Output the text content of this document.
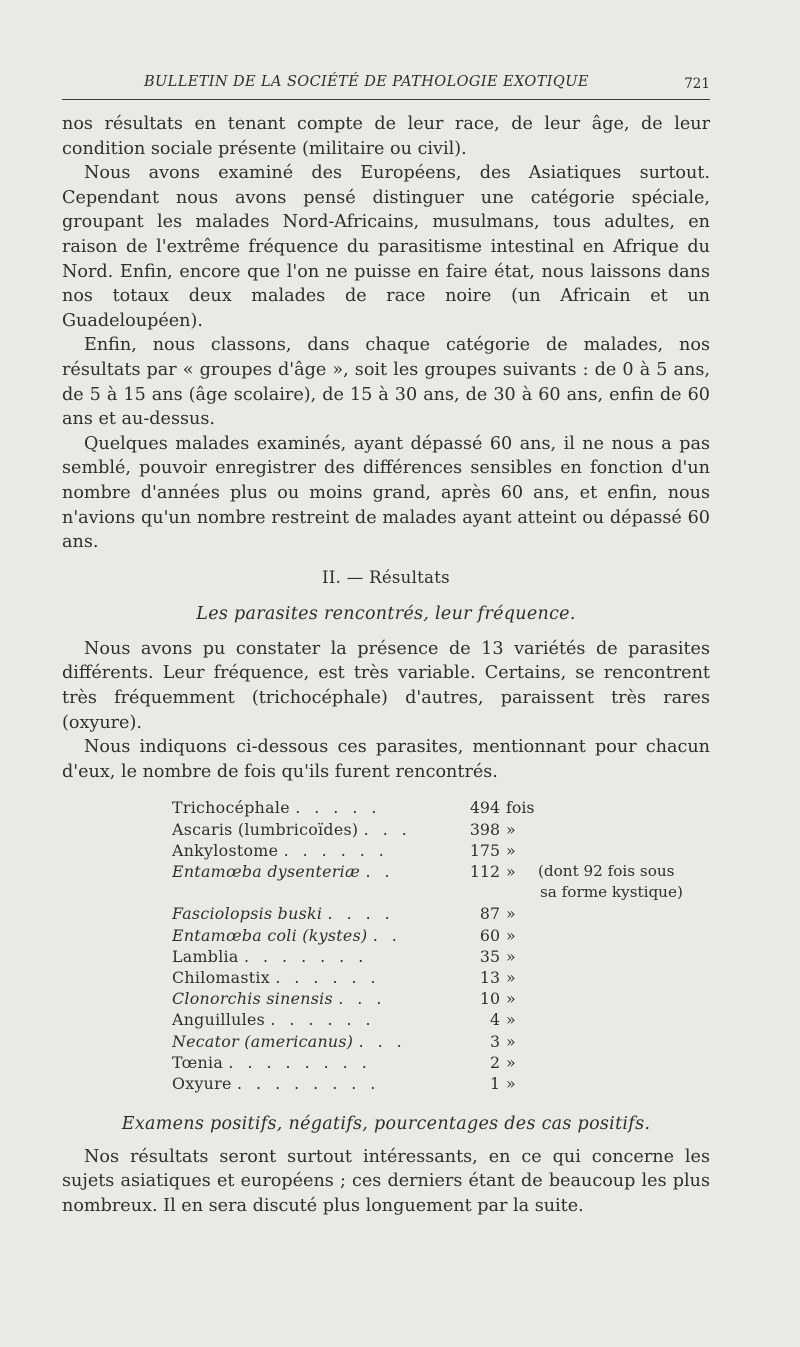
BULLETIN DE LA SOCIÉTÉ DE PATHOLOGIE EXOTIQUE	721

nos résultats en tenant compte de leur race, de leur âge, de leur condition sociale présente (militaire ou civil).

Nous avons examiné des Européens, des Asiatiques surtout. Cependant nous avons pensé distinguer une catégorie spéciale, groupant les malades Nord-Africains, musulmans, tous adultes, en raison de l'extrême fréquence du parasitisme intestinal en Afrique du Nord. Enfin, encore que l'on ne puisse en faire état, nous laissons dans nos totaux deux malades de race noire (un Africain et un Guadeloupéen).

Enfin, nous classons, dans chaque catégorie de malades, nos résultats par « groupes d'âge », soit les groupes suivants : de 0 à 5 ans, de 5 à 15 ans (âge scolaire), de 15 à 30 ans, de 30 à 60 ans, enfin de 60 ans et au-dessus.

Quelques malades examinés, ayant dépassé 60 ans, il ne nous a pas semblé, pouvoir enregistrer des différences sensibles en fonction d'un nombre d'années plus ou moins grand, après 60 ans, et enfin, nous n'avions qu'un nombre restreint de malades ayant atteint ou dépassé 60 ans.

II. — Résultats
Les parasites rencontrés, leur fréquence.

Nous avons pu constater la présence de 13 variétés de parasites différents. Leur fréquence, est très variable. Certains, se rencontrent très fréquemment (trichocéphale) d'autres, paraissent très rares (oxyure).

Nous indiquons ci-dessous ces parasites, mentionnant pour chacun d'eux, le nombre de fois qu'ils furent rencontrés.

Trichocéphale . . . . .	494 fois
Ascaris (lumbricoïdes) . . .	398 »
Ankylostome . . . . . .	175 »
Entamœba dysenteriæ . .	112 »	(dont 92 fois sous
sa forme kystique)
Fasciolopsis buski . . . .	87 »
Entamœba coli (kystes) . .	60 »
Lamblia . . . . . . .	35 »
Chilomastix . . . . . .	13 »
Clonorchis sinensis . . .	10 »
Anguillules . . . . . .	4 »
Necator (americanus) . . .	3 »
Tœnia . . . . . . . .	2 »
Oxyure . . . . . . . .	1 »
Examens positifs, négatifs, pourcentages des cas positifs.

Nos résultats seront surtout intéressants, en ce qui concerne les sujets asiatiques et européens ; ces derniers étant de beaucoup les plus nombreux. Il en sera discuté plus longuement par la suite.
